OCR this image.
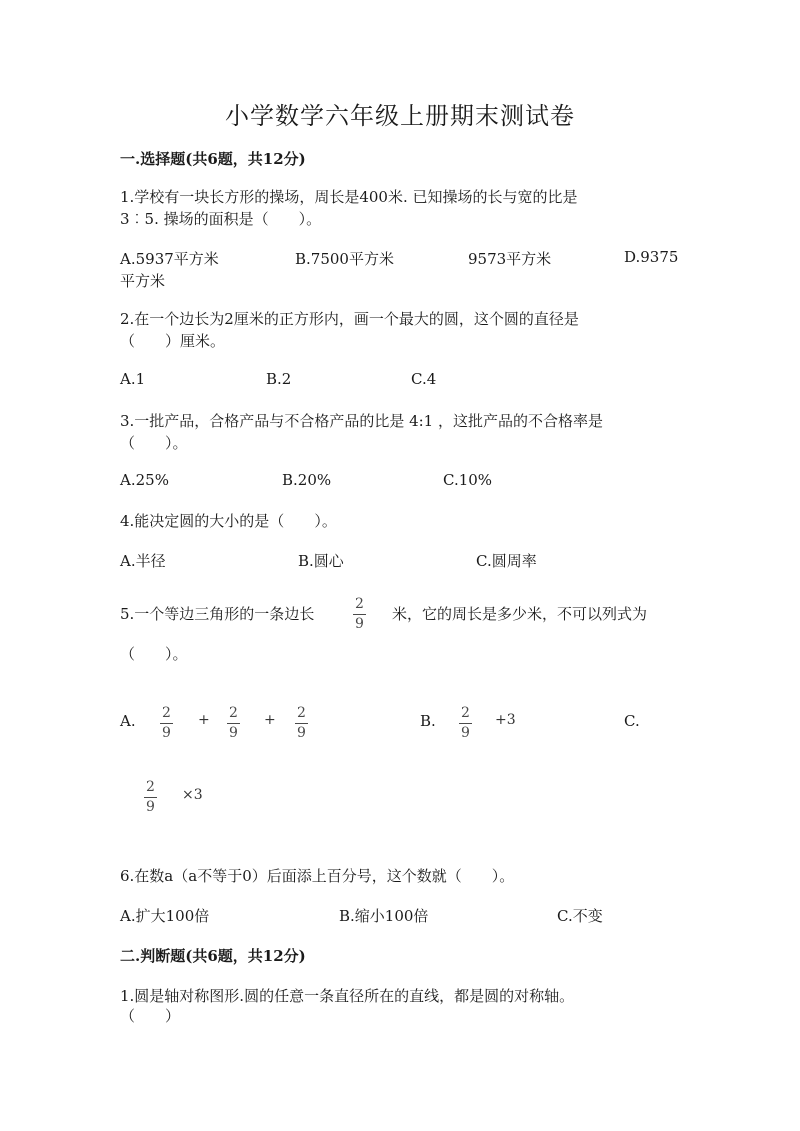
小学数学六年级上册期末测试卷
一.选择题(共6题，共12分)
1.学校有一块长方形的操场，周长是400米. 已知操场的长与宽的比是
3︰5. 操场的面积是（　　）。
A.5937平方米	B.7500平方米	9573平方米	D.9375
平方米
2.在一个边长为2厘米的正方形内，画一个最大的圆，这个圆的直径是
（　　）厘米。
A.1	B.2	C.4
3.一批产品，合格产品与不合格产品的比是 4:1 ，这批产品的不合格率是
（　　）。
A.25%	B.20%	C.10%
4.能决定圆的大小的是（　　）。
A.半径	B.圆心	C.圆周率
5.一个等边三角形的一条边长
2
9
米，它的周长是多少米，不可以列式为
（　　）。
A. 2
9
+ 2
9
+ 2
9
B. 2
9
+3	C.
2
9
×3
6.在数a（a不等于0）后面添上百分号，这个数就（　　）。
A.扩大100倍	B.缩小100倍	C.不变
二.判断题(共6题，共12分)
1.圆是轴对称图形.圆的任意一条直径所在的直线，都是圆的对称轴。
（　　）
